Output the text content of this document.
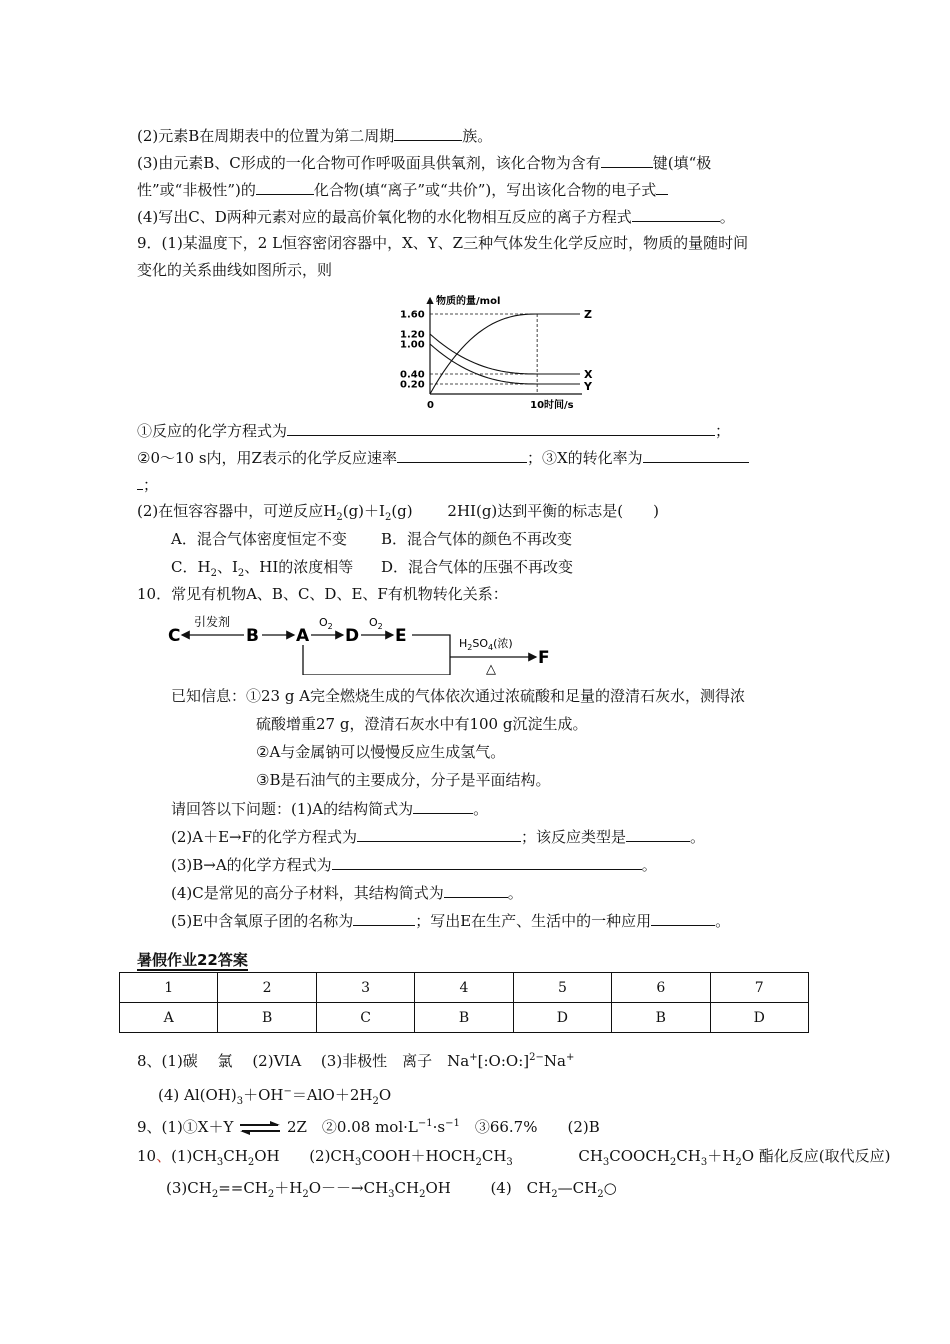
(2)元素B在周期表中的位置为第二周期	族。
(3)由元素B、C形成的一化合物可作呼吸面具供氧剂，该化合物为含有	键(填“极
性”或“非极性”)的	化合物(填“离子”或“共价”)，写出该化合物的电子式
(4)写出C、D两种元素对应的最高价氧化物的水化物相互反应的离子方程式	。
9．(1)某温度下，2 L恒容密闭容器中，X、Y、Z三种气体发生化学反应时，物质的量随时间
变化的关系曲线如图所示，则
物质的量/mol
时间/s
1.60
1.20
1.00
0.40
0.20
0	10
Z
X
Y
①反应的化学方程式为	；
②0～10 s内，用Z表示的化学反应速率	；③X的转化率为
；
(2)在恒容容器中，可逆反应$H_2(g)+I_2(g)$ 2HI(g)达到平衡的标志是(　　)
A．混合气体密度恒定不变 B．混合气体的颜色不再改变
C．$H_2$、$I_2$、HI的浓度相等 D．混合气体的压强不再改变
10．常见有机物A、B、C、D、E、F有机物转化关系：
C
引发剂
B A
$O_2$ D
$O_2$ E	$H_2SO_4$(浓)
△
F
已知信息：①23 g A完全燃烧生成的气体依次通过浓硫酸和足量的澄清石灰水，测得浓
硫酸增重27 g，澄清石灰水中有100 g沉淀生成。
②A与金属钠可以慢慢反应生成氢气。
③B是石油气的主要成分，分子是平面结构。
请回答以下问题：(1)A的结构简式为	。
(2)A＋E→F的化学方程式为	；该反应类型是	。
(3)B→A的化学方程式为	。
(4)C是常见的高分子材料，其结构简式为	。
(5)E中含氧原子团的名称为	；写出E在生产、生活中的一种应用	。
暑假作业22答案
1	2	3	4	5	6	7
A	B	C	B	D	B	D
8、(1)碳　 氯　 (2)VIA　 (3)非极性　离子　Na+[:O:O:]$^{2-}$Na+
(4) $Al(OH)_3+OH^-=AlO+2H_2O$
9、(1)①X＋Y ⇌ 2Z　②0.08 $mol\cdot L^{-1}\cdot s^{-1}$　③66.7%　　(2)B
10、$(1)CH_3CH_2OH$ $(2)CH_3COOH+HOCH_2CH_3$	$CH_3COOCH_2CH_3+H_2O$ 酯化反应(取代反应)
$(3)CH_2==CH_2+H_2O--\to CH_3CH_2OH$	(4)　$CH_2—CH_2○$
